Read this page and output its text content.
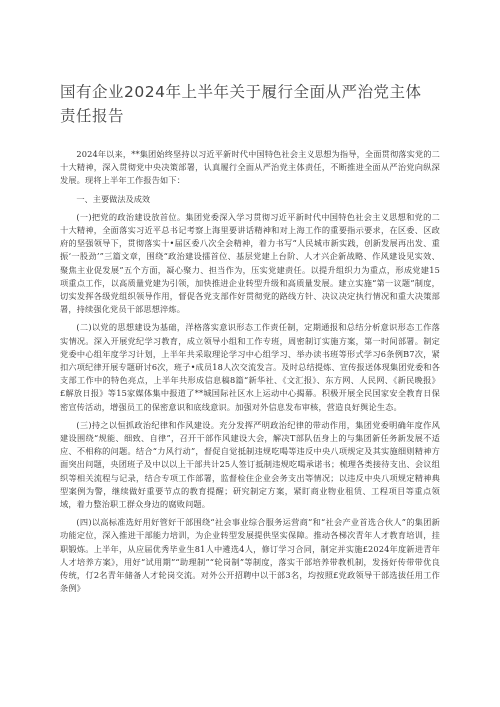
国有企业2024年上半年关于履行全面从严治党主体
责任报告

2024年以来，**集团始终坚持以习近平新时代中国特色社会主义思想为指导，全面贯彻落实党的二十大精神，深入贯彻党中央决策部署，认真履行全面从严治党主体责任，不断推进全面从严治党向纵深发展。现将上半年工作报告如下：

一、主要做法及成效

(一)把党的政治建设放首位。集团党委深入学习贯彻习近平新时代中国特色社会主义思想和党的二十大精神，全面落实习近平总书记考察上海里要讲话精神和对上海工作的重要指示要求，在区委、区政府的坚强领导下，贯彻落实十•届区委八次全会精神，着力书写“人民城市新实践，创新发展再出发、重振‘一股劲’”三篇文章，围绕“政治建设擂首位、基层党建上台阶、人才兴企新战略、作风建设见实效、聚焦主业促发展”五个方面，凝心聚力、担当作为，压实党建责任。以提升组织力为重点，形成党建15项重点工作，以高质量党建为引领，加快推进企业转型升级和高质量发展。建立实施“第一议题”制度，切实发挥各级党组织领导作用，督促各党支部作好贯彻党的路线方针、决议决定执行情况和重大决策部署，持续强化党员干部思想淬炼。

(二)以党的思想建设为基础，洋格落实意识形态工作责任制，定期通报和总结分析意识形态工作落实情况。深入开展党纪学习教育，成立领导小组和工作专班，周密制订实施方案，第一时间部署。制定党委中心组年度学习计划，上半年共采取理论学习中心组学习、举办读书班等形式学习6条例B7次，紧扣六项纪律开展专题研讨6次，班子•成员18人次交流发言。及时总结提炼、宣传报送体现集团党委和各支部工作中的特色亮点，上半年共形成信息稿8篇“新华社、《文汇报》、东方网、人民网、《新民晚报》£解放日报》等15家媒体集中报道了**城国际社区水上运动中心揭幕。积极开展全民国家安全教育日保密宣传活动，增强员工的保密意识和底线意识。加强对外信息发布审核，营造良好舆论生态。

(三)持之以恒抓政治纪律和作风建设。充分发挥严明政治纪律的带动作用，集团党委明确年度作风建设围绕“规能、细致、自律”，召开干部作风建设大会，解决T部队伍身上的与集团新任务新发展不适应、不相称的问题。结合“力风行动”，督促自觉抵制违规吃喝等违反中央八项规定及其实施细则精神方面突出问题，央团班子及中以以上干部共计25人签订抵制违规吃喝承诺书；梳理各类接待支出、会议组织等相关流程与记录，结合专项工作部署，监督检住企业会务支出等情况；以违反中央八项规定精神典型案例为警，继续做好重要节点的教育提醒；研究制定方案，紧盯商业物业租赁、工程项目等重点领域，着力整治职工群众身边的腐败问题。

(四)以高标准选好用好管好干部围绕“社会事业综合服务运营商”和“社会产业首选合伙人”的集团新功能定位，深入推进干部能力培训，为企业转型发展提供坚实保障。推动各梯次青年人才教育培训，挂职锻炼。上半年，从应届优秀毕业生81人中遴选4人，修订学习合同，制定并实施£2024年度新进青年人才培养方案》，用好“试用期”“助理制”“轮岗制”等制度，落实干部培养带教机制，发扬好传带带优良传统，仃2名青年储备人才轮岗交流。对外公开招聘中以干部3名，均按照£党政领导干部选拔任用工作条例》
